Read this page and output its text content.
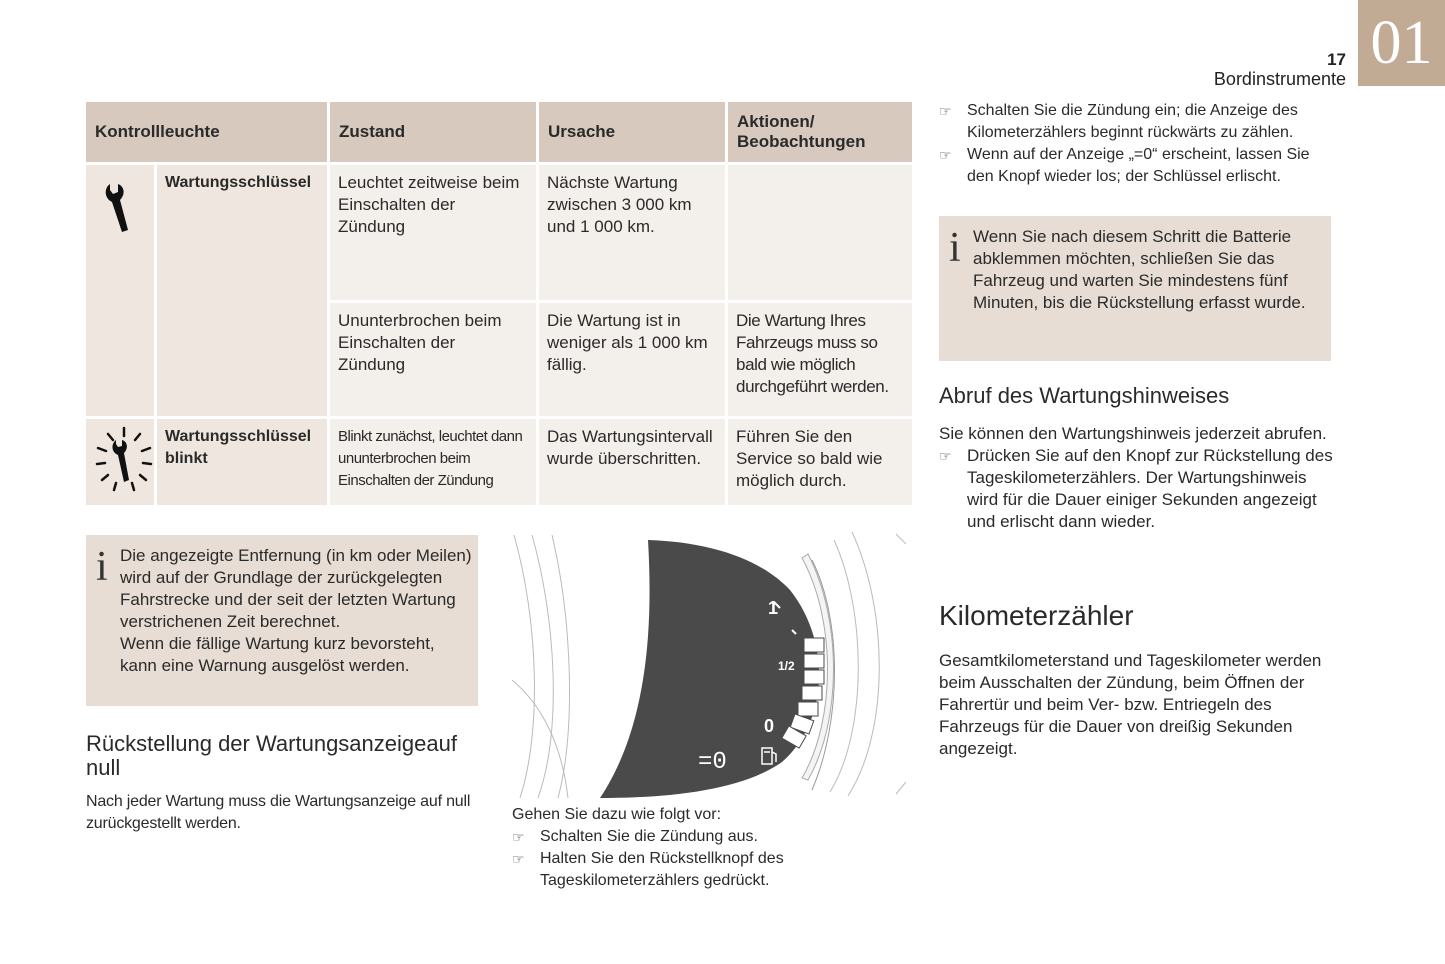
01
17
Bordinstrumente
Kontrollleuchte		Zustand	Ursache	Aktionen/ Beobachtungen
	Wartungsschlüssel	Leuchtet zeitweise beim Einschalten der Zündung	Nächste Wartung zwischen 3 000 km und 1 000 km.	
		Ununterbrochen beim Einschalten der Zündung	Die Wartung ist in weniger als 1 000 km fällig.	Die Wartung Ihres Fahrzeugs muss so bald wie möglich durchgeführt werden.
	Wartungsschlüssel blinkt	Blinkt zunächst, leuchtet dann ununterbrochen beim Einschalten der Zündung	Das Wartungsintervall wurde überschritten.	Führen Sie den Service so bald wie möglich durch.
i Die angezeigte Entfernung (in km oder Meilen) wird auf der Grundlage der zurückgelegten Fahrstrecke und der seit der letzten Wartung verstrichenen Zeit berechnet.
Wenn die fällige Wartung kurz bevorsteht, kann eine Warnung ausgelöst werden.
Rückstellung der Wartungsanzeigeauf null
Nach jeder Wartung muss die Wartungsanzeige auf null zurückgestellt werden.
1
1/2
0
=0
Gehen Sie dazu wie folgt vor:
☞ Schalten Sie die Zündung aus.
☞ Halten Sie den Rückstellknopf des Tageskilometerzählers gedrückt.
☞ Schalten Sie die Zündung ein; die Anzeige des Kilometerzählers beginnt rückwärts zu zählen.
☞ Wenn auf der Anzeige „=0“ erscheint, lassen Sie den Knopf wieder los; der Schlüssel erlischt.
i Wenn Sie nach diesem Schritt die Batterie abklemmen möchten, schließen Sie das Fahrzeug und warten Sie mindestens fünf Minuten, bis die Rückstellung erfasst wurde.
Abruf des Wartungshinweises
Sie können den Wartungshinweis jederzeit abrufen.
☞ Drücken Sie auf den Knopf zur Rückstellung des Tageskilometerzählers. Der Wartungshinweis wird für die Dauer einiger Sekunden angezeigt und erlischt dann wieder.
Kilometerzähler
Gesamtkilometerstand und Tageskilometer werden beim Ausschalten der Zündung, beim Öffnen der Fahrertür und beim Ver- bzw. Entriegeln des Fahrzeugs für die Dauer von dreißig Sekunden angezeigt.
